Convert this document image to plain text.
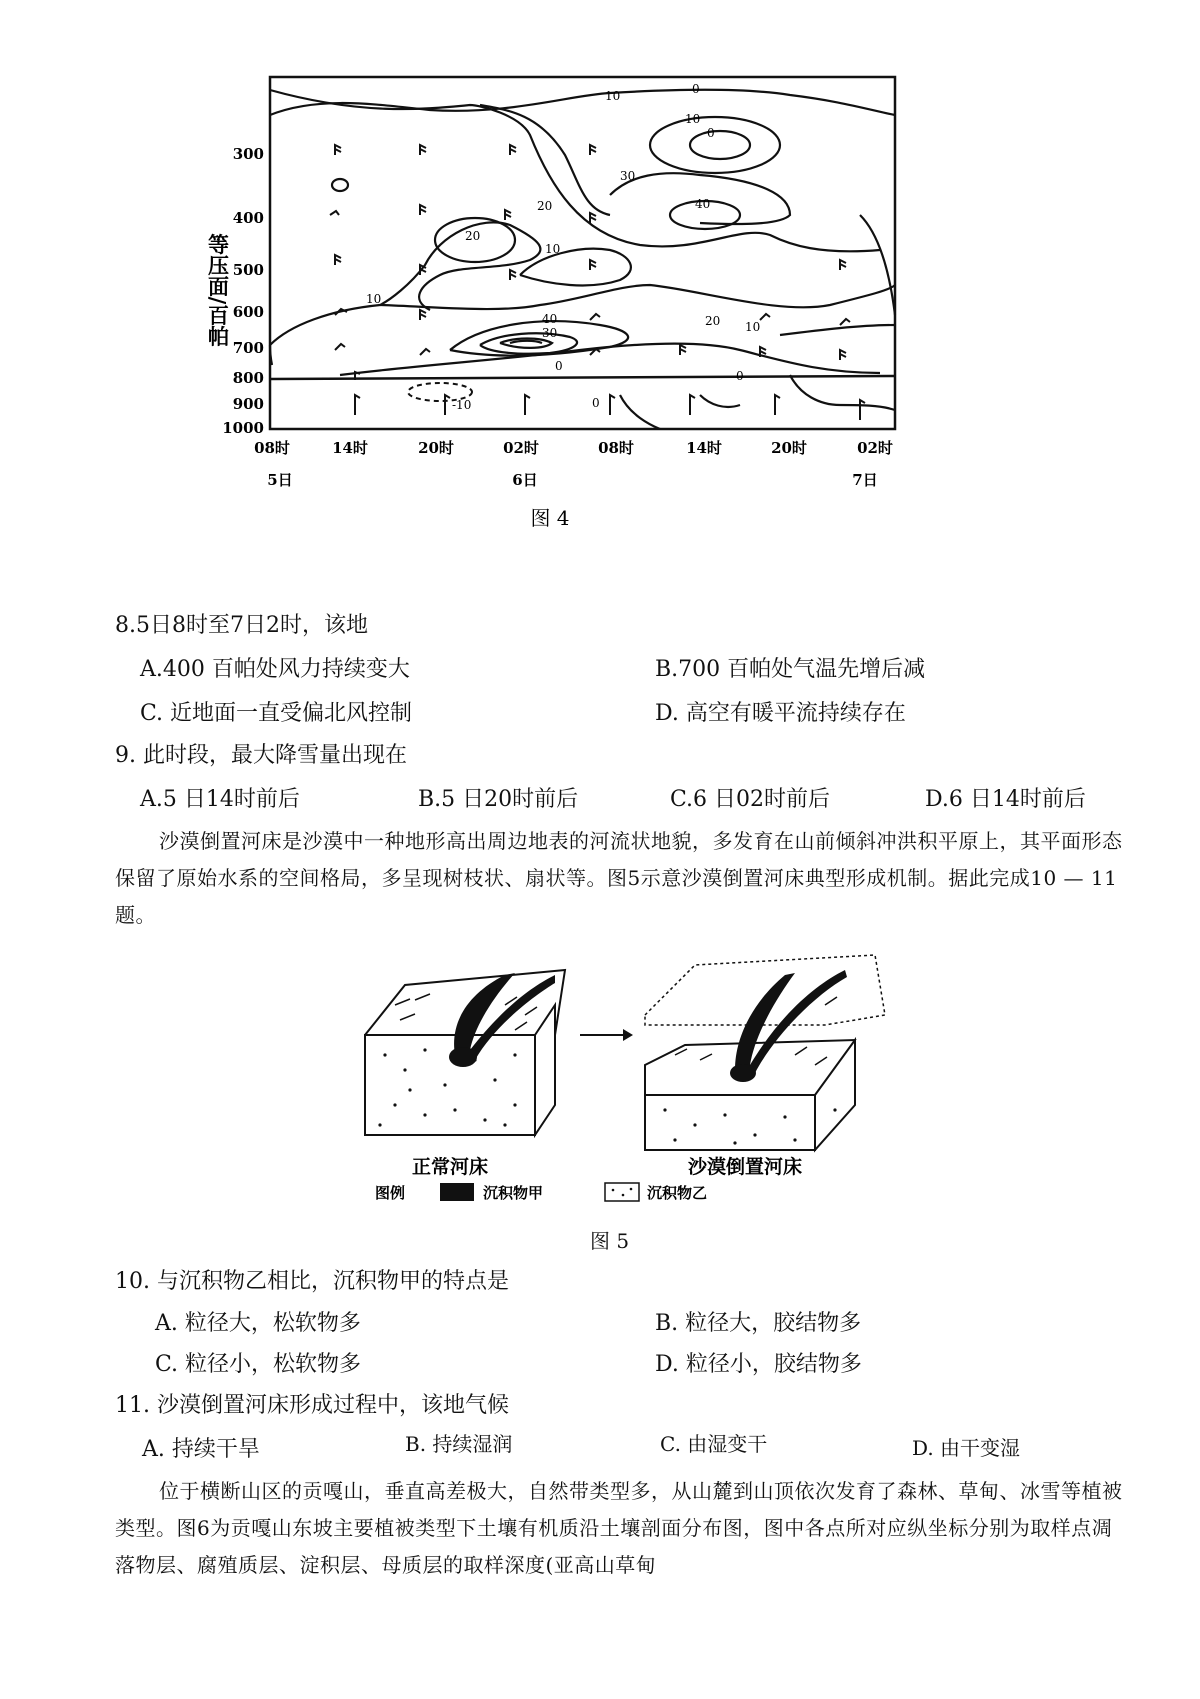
0
10
10
0
30
40
20
20
10
10
40
30
20 10
0
0
0
-10
等压面/百帕
300
400
500
600
700
800
900
1000
08时	14时	20时	02时	08时	14时	20时	02时
5日	6日	7日
图 4
8.5日8时至7日2时，该地
A.400 百帕处风力持续变大	B.700 百帕处气温先增后减
C. 近地面一直受偏北风控制	D. 高空有暖平流持续存在
9. 此时段，最大降雪量出现在
A.5 日14时前后	B.5 日20时前后	C.6 日02时前后	D.6 日14时前后
沙漠倒置河床是沙漠中一种地形高出周边地表的河流状地貌，多发育在山前倾斜冲洪积平原上，其平面形态保留了原始水系的空间格局，多呈现树枝状、扇状等。图5示意沙漠倒置河床典型形成机制。据此完成10 — 11题。
正常河床	沙漠倒置河床
图例	沉积物甲	沉积物乙
图 5
10. 与沉积物乙相比，沉积物甲的特点是
A. 粒径大，松软物多	B. 粒径大，胶结物多
C. 粒径小，松软物多	D. 粒径小，胶结物多
11. 沙漠倒置河床形成过程中，该地气候
A. 持续干旱	B. 持续湿润	C. 由湿变干	D. 由干变湿
位于横断山区的贡嘎山，垂直高差极大，自然带类型多，从山麓到山顶依次发育了森林、草甸、冰雪等植被类型。图6为贡嘎山东坡主要植被类型下土壤有机质沿土壤剖面分布图，图中各点所对应纵坐标分别为取样点凋落物层、腐殖质层、淀积层、母质层的取样深度(亚高山草甸
